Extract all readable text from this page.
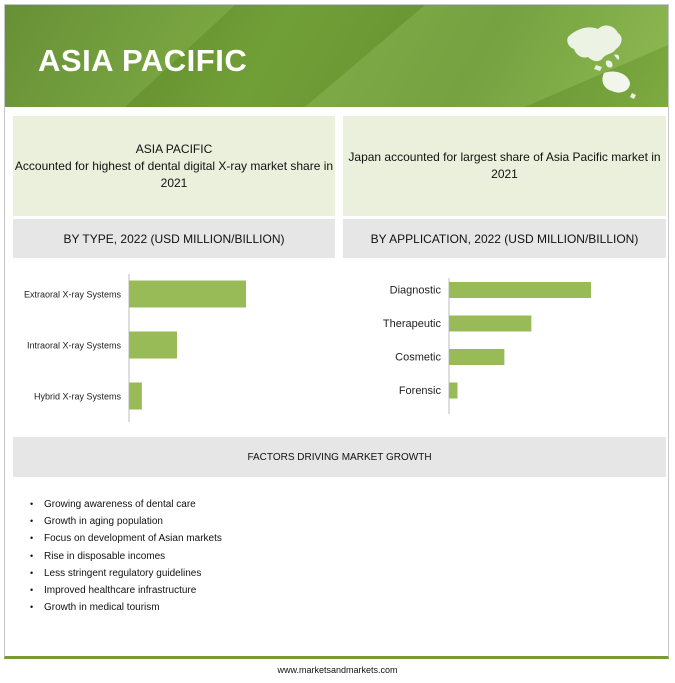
ASIA PACIFIC
ASIA PACIFIC
Accounted for highest of dental digital X-ray market share in 2021
Japan accounted for largest share of Asia Pacific market in 2021
BY TYPE, 2022 (USD MILLION/BILLION)	BY APPLICATION, 2022 (USD MILLION/BILLION)
Extraoral X-ray Systems
Intraoral X-ray Systems
Hybrid X-ray Systems
Diagnostic
Therapeutic
Cosmetic
Forensic
FACTORS DRIVING MARKET GROWTH
• Growing awareness of dental care
• Growth in aging population
• Focus on development of Asian markets
• Rise in disposable incomes
• Less stringent regulatory guidelines
• Improved healthcare infrastructure
• Growth in medical tourism
www.marketsandmarkets.com
